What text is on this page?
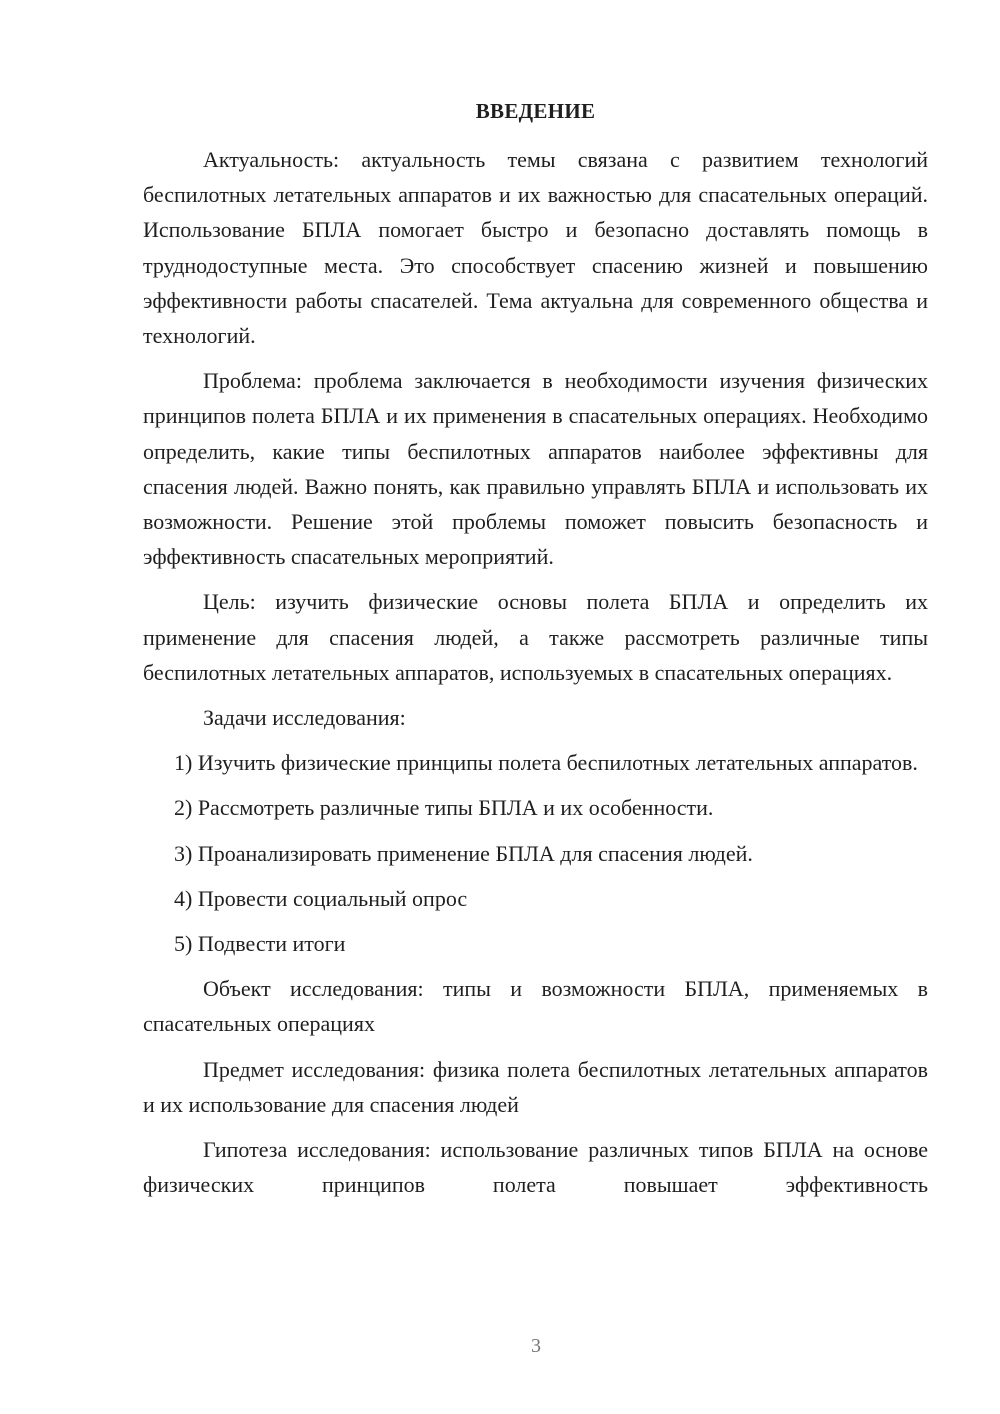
ВВЕДЕНИЕ

Актуальность: актуальность темы связана с развитием технологий беспилотных летательных аппаратов и их важностью для спасательных операций. Использование БПЛА помогает быстро и безопасно доставлять помощь в труднодоступные места. Это способствует спасению жизней и повышению эффективности работы спасателей. Тема актуальна для современного общества и технологий.

Проблема: проблема заключается в необходимости изучения физических принципов полета БПЛА и их применения в спасательных операциях. Необходимо определить, какие типы беспилотных аппаратов наиболее эффективны для спасения людей. Важно понять, как правильно управлять БПЛА и использовать их возможности. Решение этой проблемы поможет повысить безопасность и эффективность спасательных мероприятий.

Цель: изучить физические основы полета БПЛА и определить их применение для спасения людей, а также рассмотреть различные типы беспилотных летательных аппаратов, используемых в спасательных операциях.

Задачи исследования:

1) Изучить физические принципы полета беспилотных летательных аппаратов.

2) Рассмотреть различные типы БПЛА и их особенности.

3) Проанализировать применение БПЛА для спасения людей.

4) Провести социальный опрос

5) Подвести итоги

Объект исследования: типы и возможности БПЛА, применяемых в спасательных операциях

Предмет исследования: физика полета беспилотных летательных аппаратов и их использование для спасения людей

Гипотеза исследования: использование различных типов БПЛА на основе физических принципов полета повышает эффективность

3
